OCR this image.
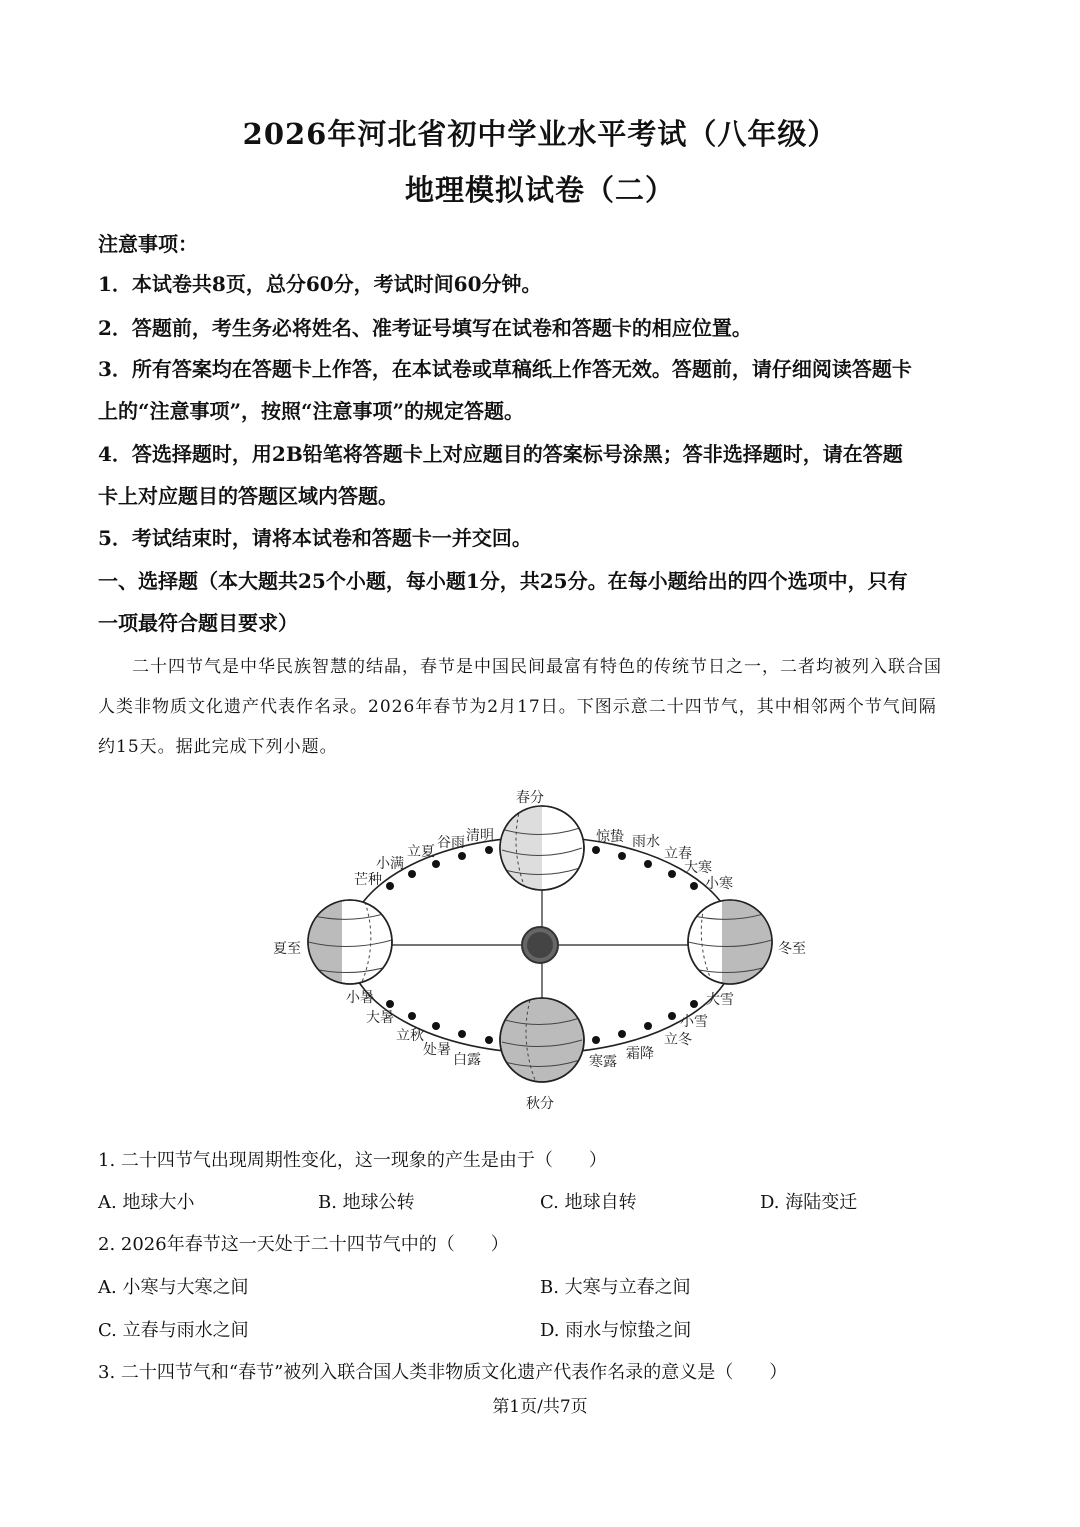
2026年河北省初中学业水平考试（八年级）
地理模拟试卷（二）
注意事项：
1．本试卷共8页，总分60分，考试时间60分钟。
2．答题前，考生务必将姓名、准考证号填写在试卷和答题卡的相应位置。
3．所有答案均在答题卡上作答，在本试卷或草稿纸上作答无效。答题前，请仔细阅读答题卡
上的“注意事项”，按照“注意事项”的规定答题。
4．答选择题时，用2B铅笔将答题卡上对应题目的答案标号涂黑；答非选择题时，请在答题
卡上对应题目的答题区域内答题。
5．考试结束时，请将本试卷和答题卡一并交回。
一、选择题（本大题共25个小题，每小题1分，共25分。在每小题给出的四个选项中，只有
一项最符合题目要求）
二十四节气是中华民族智慧的结晶，春节是中国民间最富有特色的传统节日之一，二者均被列入联合国
人类非物质文化遗产代表作名录。2026年春节为2月17日。下图示意二十四节气，其中相邻两个节气间隔
约15天。据此完成下列小题。
春分
清明
谷雨
立夏
小满
芒种
夏至
小暑
大暑
立秋
处暑
白露
秋分
寒露 霜降
立冬
小雪
大雪
冬至
小寒
大寒
立春
雨水
惊蛰
1. 二十四节气出现周期性变化，这一现象的产生是由于（　　）
A. 地球大小	B. 地球公转	C. 地球自转	D. 海陆变迁
2. 2026年春节这一天处于二十四节气中的（　　）
A. 小寒与大寒之间	B. 大寒与立春之间
C. 立春与雨水之间	D. 雨水与惊蛰之间
3. 二十四节气和“春节”被列入联合国人类非物质文化遗产代表作名录的意义是（　　）
第1页/共7页
